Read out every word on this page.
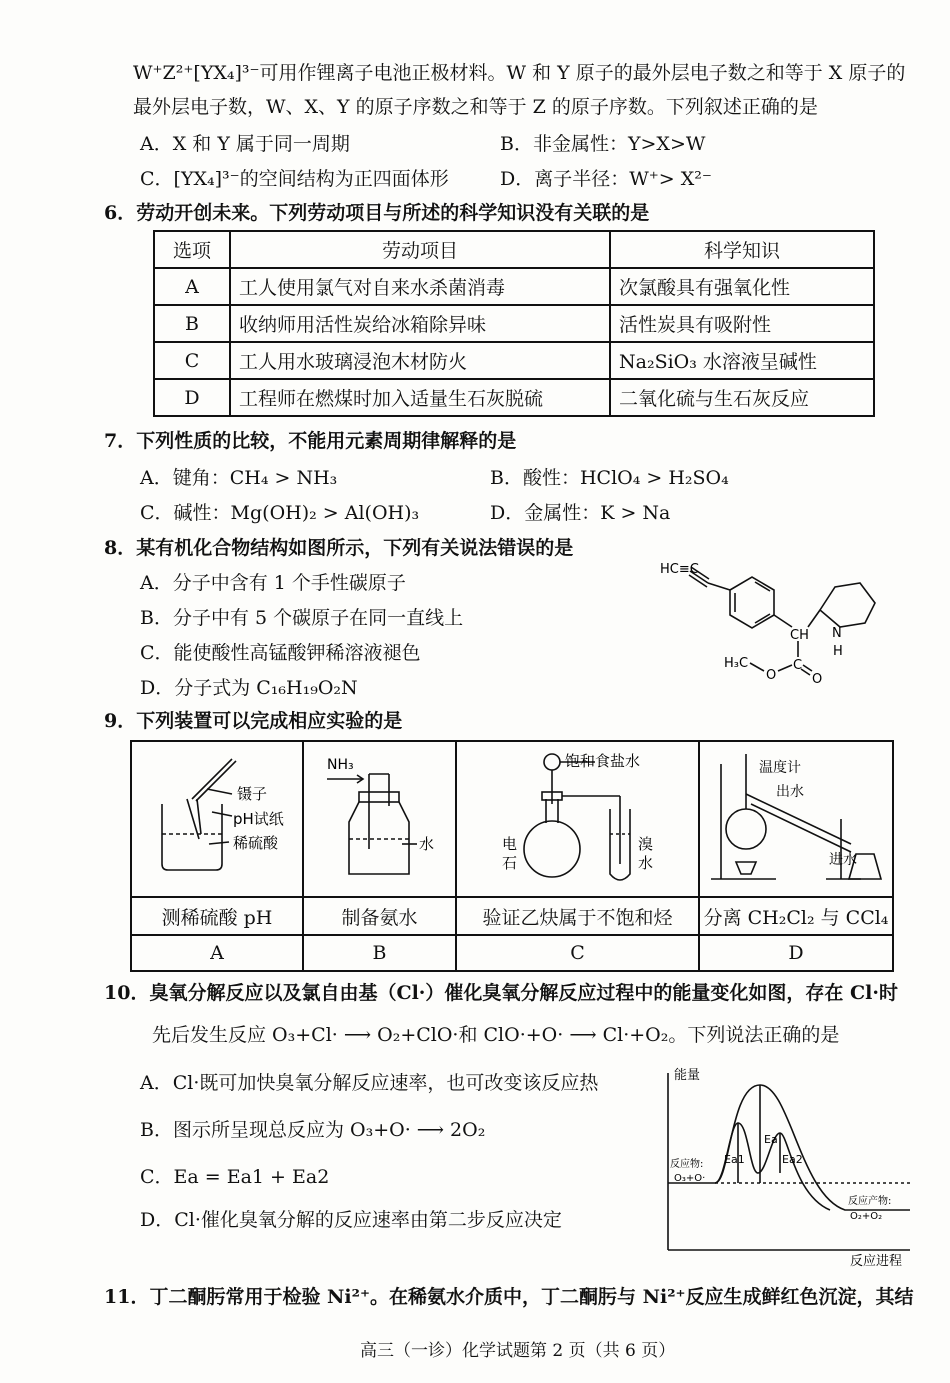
W⁺Z²⁺[YX₄]³⁻可用作锂离子电池正极材料。W 和 Y 原子的最外层电子数之和等于 X 原子的
最外层电子数，W、X、Y 的原子序数之和等于 Z 的原子序数。下列叙述正确的是
A．X 和 Y 属于同一周期	B．非金属性：Y>X>W
C．[YX₄]³⁻的空间结构为正四面体形	D．离子半径：W⁺> X²⁻
6．劳动开创未来。下列劳动项目与所述的科学知识没有关联的是
选项	劳动项目	科学知识
A	工人使用氯气对自来水杀菌消毒	次氯酸具有强氧化性
B	收纳师用活性炭给冰箱除异味	活性炭具有吸附性
C	工人用水玻璃浸泡木材防火	Na₂SiO₃ 水溶液呈碱性
D	工程师在燃煤时加入适量生石灰脱硫	二氧化硫与生石灰反应
7．下列性质的比较，不能用元素周期律解释的是
A．键角：CH₄ > NH₃	B．酸性：HClO₄ > H₂SO₄
C．碱性：Mg(OH)₂ > Al(OH)₃	D．金属性：K > Na
8．某有机化合物结构如图所示，下列有关说法错误的是
A．分子中含有 1 个手性碳原子
B．分子中有 5 个碳原子在同一直线上
C．能使酸性高锰酸钾稀溶液褪色
D．分子式为 C₁₆H₁₉O₂N
HC≡C
CH N
H
H₃C
O
C
O
9．下列装置可以完成相应实验的是
镊子
pH试纸
稀硫酸	NH₃
水	饱和食盐水
电
石
溴
水	温度计
出水
进水

测稀硫酸 pH	制备氨水	验证乙炔属于不饱和烃	分离 CH₂Cl₂ 与 CCl₄
A	B	C	D
10．臭氧分解反应以及氯自由基（Cl·）催化臭氧分解反应过程中的能量变化如图，存在 Cl·时
先后发生反应 O₃+Cl· ⟶ O₂+ClO·和 ClO·+O· ⟶ Cl·+O₂。下列说法正确的是
A．Cl·既可加快臭氧分解反应速率，也可改变该反应热
B．图示所呈现总反应为 O₃+O· ⟶ 2O₂
C．Ea = Ea1 + Ea2
D．Cl·催化臭氧分解的反应速率由第二步反应决定
能量
反应进程
反应物:
O₃+O·
反应产物:
O₂+O₂
Ea
Ea1	Ea2
11．丁二酮肟常用于检验 Ni²⁺。在稀氨水介质中，丁二酮肟与 Ni²⁺反应生成鲜红色沉淀，其结
高三（一诊）化学试题第 2 页（共 6 页）
